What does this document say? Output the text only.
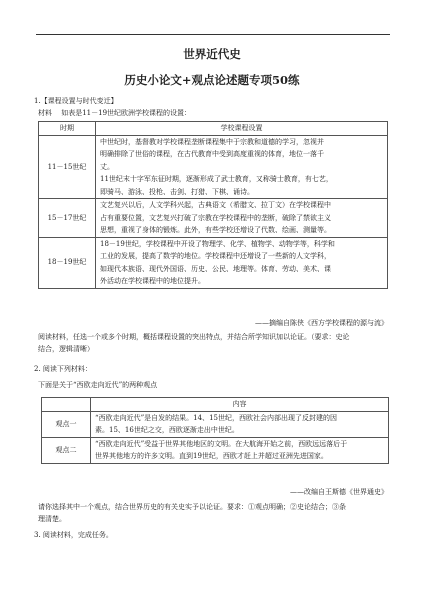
世界近代史
历史小论文+观点论述题专项50练
1.【课程设置与时代变迁】
材料　 如表是11－19世纪欧洲学校课程的设置：
时期	学校课程设置
11－15世纪	中世纪时，基督教对学校课程垄断课程集中于宗教和道德的学习，忽视并
明确排除了世俗的课程，在古代教育中受到高度重视的体育，地位一落千
丈。
11世纪末十字军东征时期，逐渐形成了武士教育，又称骑士教育，有七艺，
即骑马、游泳、投枪、击剑、打猎、下棋、诵诗。

15－17世纪	文艺复兴以后，人文学科兴起，古典语文（希腊文、拉丁文）在学校课程中
占有重要位置，文艺复兴打破了宗教在学校课程中的垄断，破除了禁欲主义
思想，重视了身体的锻炼。此外，有些学校还增设了代数、绘画、测量等。

18－19世纪	18－19世纪，学校课程中开设了物理学、化学、植物学、动物学等，科学和
工业的发展，提高了数学的地位。学校课程中还增设了一些新的人文学科，
如现代本族语、现代外国语、历史、公民、地理等。体育、劳动、美术、课
外活动在学校课程中的地位提升。
——摘编自陈侠《西方学校课程的源与流》
阅读材料，任选一个或多个时期，概括课程设置的突出特点，并结合所学知识加以论证。（要求：史论
结合，逻辑清晰）
2. 阅读下列材料：
下面是关于“西欧走向近代”的两种观点
	内容
观点一	“西欧走向近代”是自发的结果。14、15世纪，西欧社会内部出现了反封建的因
素。15、16世纪之交，西欧逐渐走出中世纪。

观点二	“西欧走向近代”受益于世界其他地区的文明。在大航海开始之前，西欧远远落后于
世界其他地方的许多文明。直到19世纪，西欧才赶上并超过亚洲先进国家。
——改编自王斯德《世界通史》
请你选择其中一个观点，结合世界历史的有关史实予以论证。要求：①观点明确；②史论结合；③条
理清楚。
3. 阅读材料，完成任务。
